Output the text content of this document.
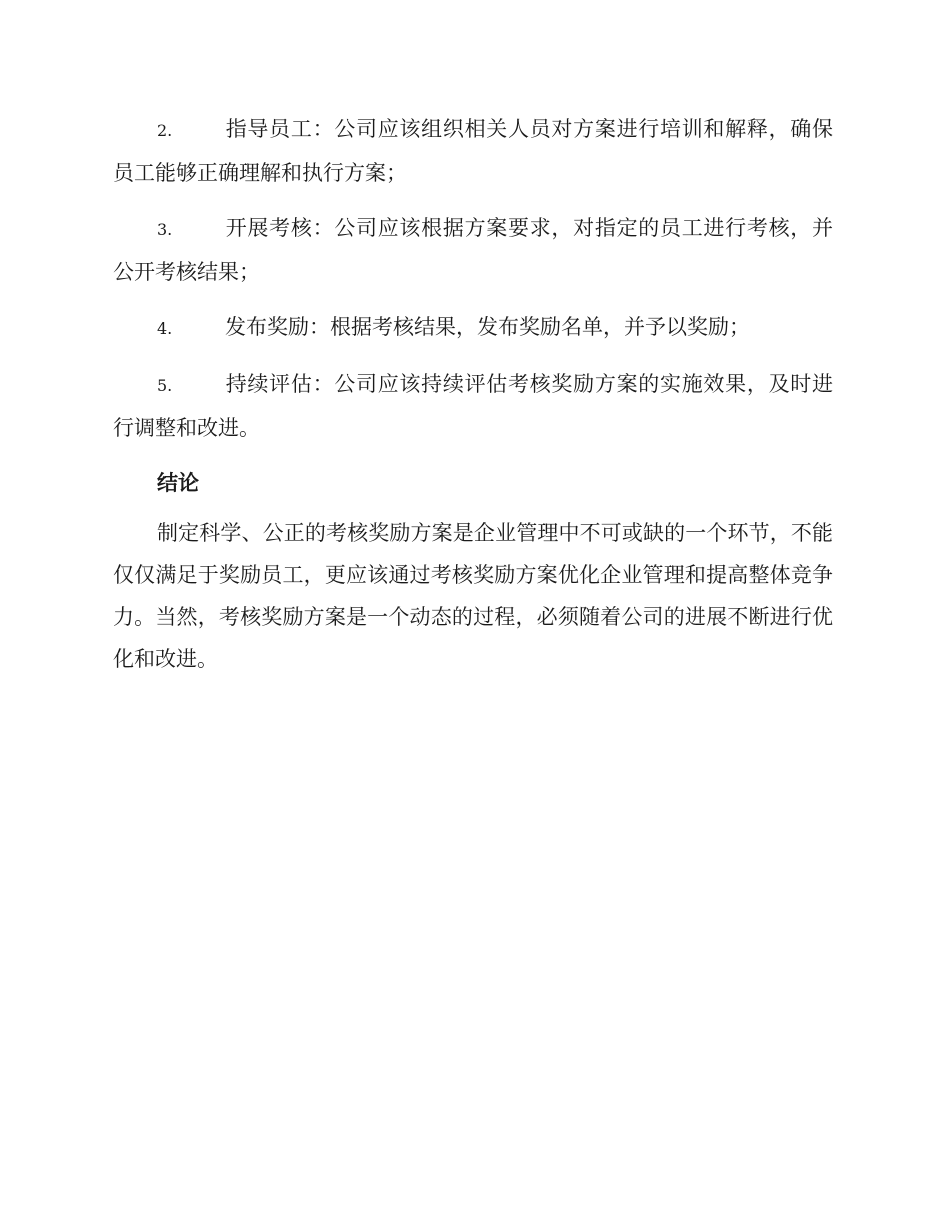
2.	指导员工：公司应该组织相关人员对方案进行培训和解释，确保员工能够正确理解和执行方案；

3.	开展考核：公司应该根据方案要求，对指定的员工进行考核，并公开考核结果；

4.	发布奖励：根据考核结果，发布奖励名单，并予以奖励；

5.	持续评估：公司应该持续评估考核奖励方案的实施效果，及时进行调整和改进。

结论

制定科学、公正的考核奖励方案是企业管理中不可或缺的一个环节，不能仅仅满足于奖励员工，更应该通过考核奖励方案优化企业管理和提高整体竞争力。当然，考核奖励方案是一个动态的过程，必须随着公司的进展不断进行优化和改进。
